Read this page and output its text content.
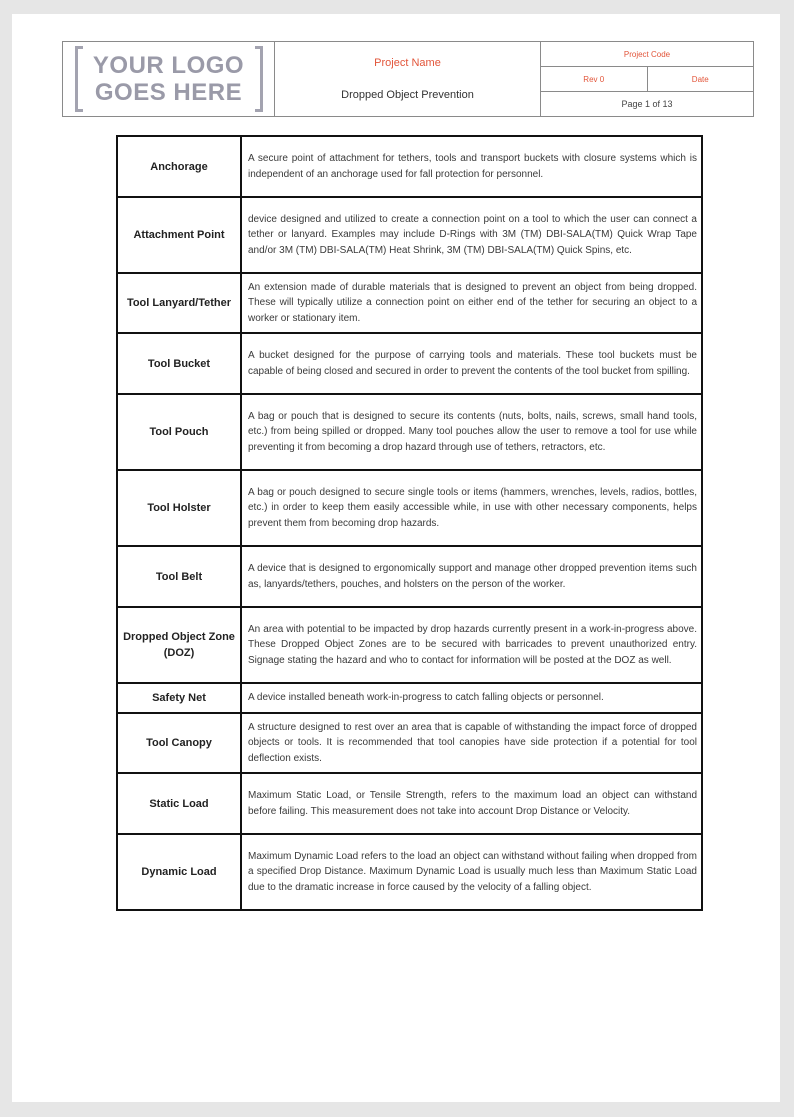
YOUR LOGO
GOES HERE
Project Name
Dropped Object Prevention
Project Code
Rev 0	Date
Page 1 of 13
Anchorage	A secure point of attachment for tethers, tools and transport buckets with closure systems which is independent of an anchorage used for fall protection for personnel.
Attachment Point	device designed and utilized to create a connection point on a tool to which the user can connect a tether or lanyard. Examples may include D-Rings with 3M (TM) DBI-SALA(TM) Quick Wrap Tape and/or 3M (TM) DBI-SALA(TM) Heat Shrink, 3M (TM) DBI-SALA(TM) Quick Spins, etc.
Tool Lanyard/Tether	An extension made of durable materials that is designed to prevent an object from being dropped. These will typically utilize a connection point on either end of the tether for securing an object to a worker or stationary item.
Tool Bucket	A bucket designed for the purpose of carrying tools and materials. These tool buckets must be capable of being closed and secured in order to prevent the contents of the tool bucket from spilling.
Tool Pouch	A bag or pouch that is designed to secure its contents (nuts, bolts, nails, screws, small hand tools, etc.) from being spilled or dropped. Many tool pouches allow the user to remove a tool for use while preventing it from becoming a drop hazard through use of tethers, retractors, etc.
Tool Holster	A bag or pouch designed to secure single tools or items (hammers, wrenches, levels, radios, bottles, etc.) in order to keep them easily accessible while, in use with other necessary components, helps prevent them from becoming drop hazards.
Tool Belt	A device that is designed to ergonomically support and manage other dropped prevention items such as, lanyards/tethers, pouches, and holsters on the person of the worker.
Dropped Object Zone (DOZ)	An area with potential to be impacted by drop hazards currently present in a work-in-progress above. These Dropped Object Zones are to be secured with barricades to prevent unauthorized entry. Signage stating the hazard and who to contact for information will be posted at the DOZ as well.
Safety Net	A device installed beneath work-in-progress to catch falling objects or personnel.
Tool Canopy	A structure designed to rest over an area that is capable of withstanding the impact force of dropped objects or tools. It is recommended that tool canopies have side protection if a potential for tool deflection exists.
Static Load	Maximum Static Load, or Tensile Strength, refers to the maximum load an object can withstand before failing. This measurement does not take into account Drop Distance or Velocity.
Dynamic Load	Maximum Dynamic Load refers to the load an object can withstand without failing when dropped from a specified Drop Distance. Maximum Dynamic Load is usually much less than Maximum Static Load due to the dramatic increase in force caused by the velocity of a falling object.
